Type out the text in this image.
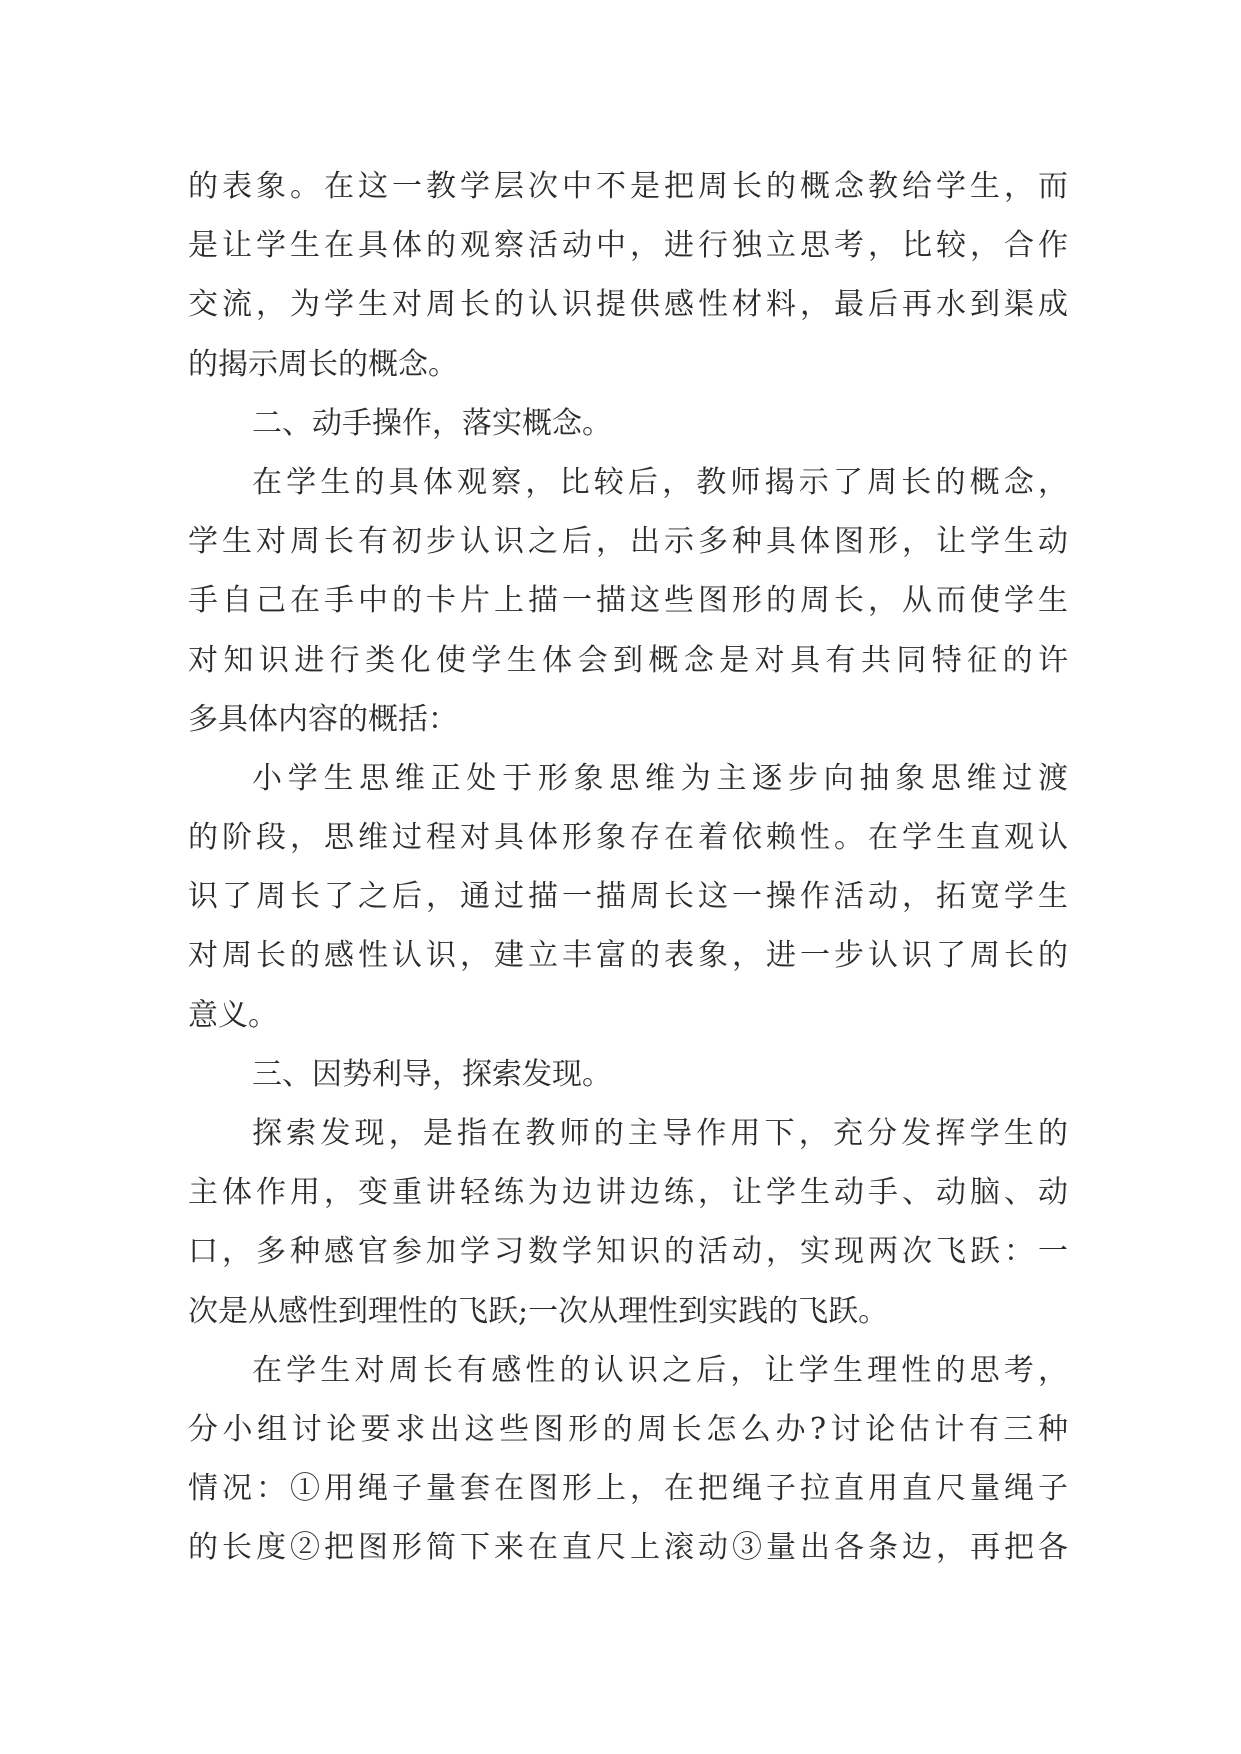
的表象。在这一教学层次中不是把周长的概念教给学生，而
是让学生在具体的观察活动中，进行独立思考，比较，合作
交流，为学生对周长的认识提供感性材料，最后再水到渠成
的揭示周长的概念。
二、动手操作，落实概念。
在学生的具体观察，比较后，教师揭示了周长的概念，
学生对周长有初步认识之后，出示多种具体图形，让学生动
手自己在手中的卡片上描一描这些图形的周长，从而使学生
对知识进行类化使学生体会到概念是对具有共同特征的许
多具体内容的概括：
小学生思维正处于形象思维为主逐步向抽象思维过渡
的阶段，思维过程对具体形象存在着依赖性。在学生直观认
识了周长了之后，通过描一描周长这一操作活动，拓宽学生
对周长的感性认识，建立丰富的表象，进一步认识了周长的
意义。
三、因势利导，探索发现。
探索发现，是指在教师的主导作用下，充分发挥学生的
主体作用，变重讲轻练为边讲边练，让学生动手、动脑、动
口，多种感官参加学习数学知识的活动，实现两次飞跃：一
次是从感性到理性的飞跃;一次从理性到实践的飞跃。
在学生对周长有感性的认识之后，让学生理性的思考，
分小组讨论要求出这些图形的周长怎么办?讨论估计有三种
情况：①用绳子量套在图形上，在把绳子拉直用直尺量绳子
的长度②把图形简下来在直尺上滚动③量出各条边，再把各
